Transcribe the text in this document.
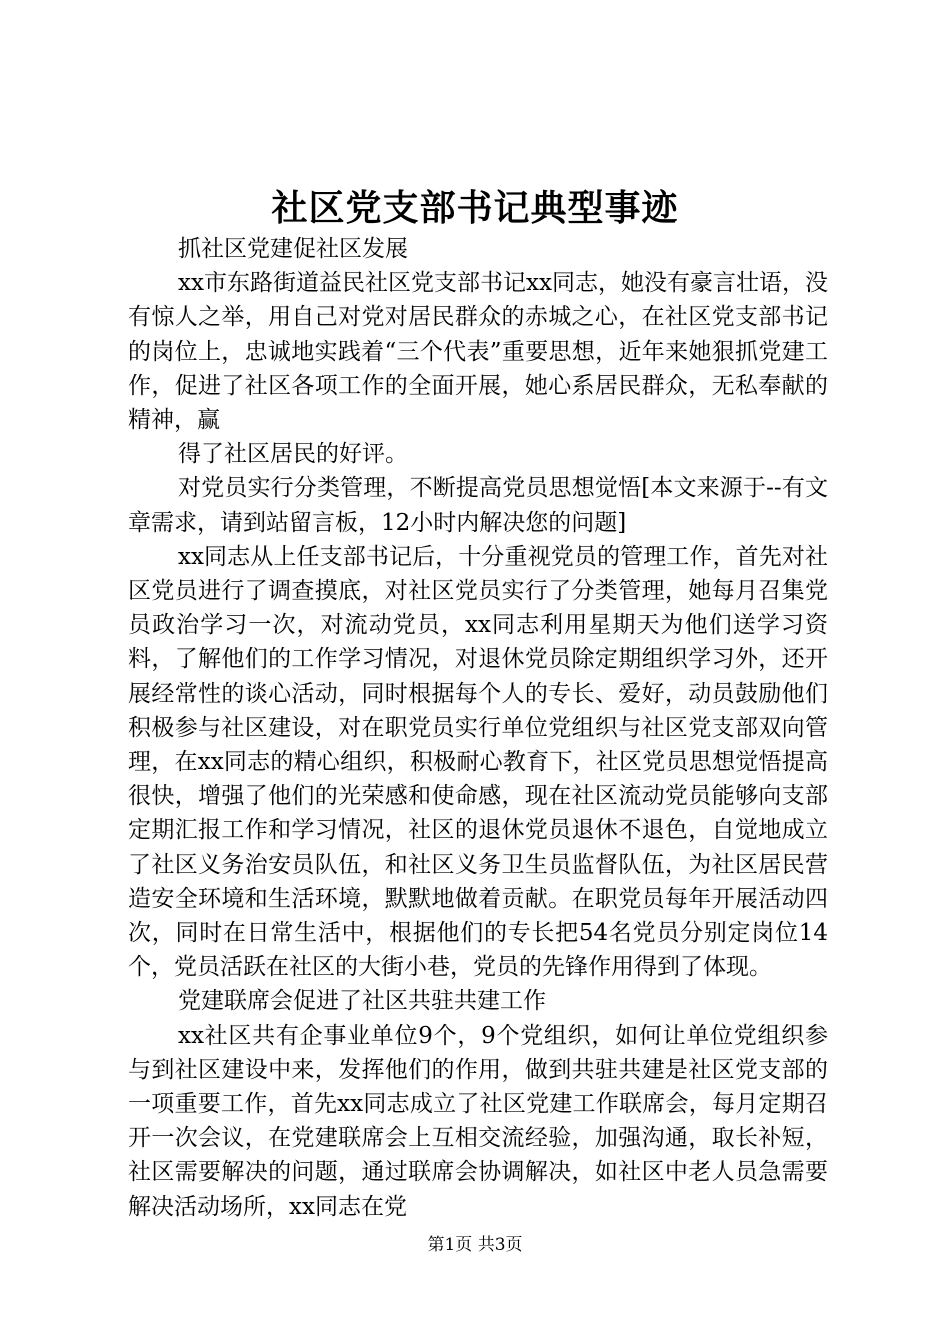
社区党支部书记典型事迹

抓社区党建促社区发展

xx市东路街道益民社区党支部书记xx同志，她没有豪言壮语，没有惊人之举，用自己对党对居民群众的赤城之心，在社区党支部书记的岗位上，忠诚地实践着“三个代表”重要思想，近年来她狠抓党建工作，促进了社区各项工作的全面开展，她心系居民群众，无私奉献的精神，赢

得了社区居民的好评。

对党员实行分类管理，不断提高党员思想觉悟[本文来源于--有文章需求，请到站留言板，12小时内解决您的问题]

xx同志从上任支部书记后，十分重视党员的管理工作，首先对社区党员进行了调查摸底，对社区党员实行了分类管理，她每月召集党员政治学习一次，对流动党员，xx同志利用星期天为他们送学习资料，了解他们的工作学习情况，对退休党员除定期组织学习外，还开展经常性的谈心活动，同时根据每个人的专长、爱好，动员鼓励他们积极参与社区建设，对在职党员实行单位党组织与社区党支部双向管理，在xx同志的精心组织，积极耐心教育下，社区党员思想觉悟提高很快，增强了他们的光荣感和使命感，现在社区流动党员能够向支部定期汇报工作和学习情况，社区的退休党员退休不退色，自觉地成立了社区义务治安员队伍，和社区义务卫生员监督队伍，为社区居民营造安全环境和生活环境，默默地做着贡献。在职党员每年开展活动四次，同时在日常生活中，根据他们的专长把54名党员分别定岗位14个，党员活跃在社区的大街小巷，党员的先锋作用得到了体现。

党建联席会促进了社区共驻共建工作

xx社区共有企事业单位9个，9个党组织，如何让单位党组织参与到社区建设中来，发挥他们的作用，做到共驻共建是社区党支部的一项重要工作，首先xx同志成立了社区党建工作联席会，每月定期召开一次会议，在党建联席会上互相交流经验，加强沟通，取长补短，社区需要解决的问题，通过联席会协调解决，如社区中老人员急需要解决活动场所，xx同志在党

第1页 共3页
